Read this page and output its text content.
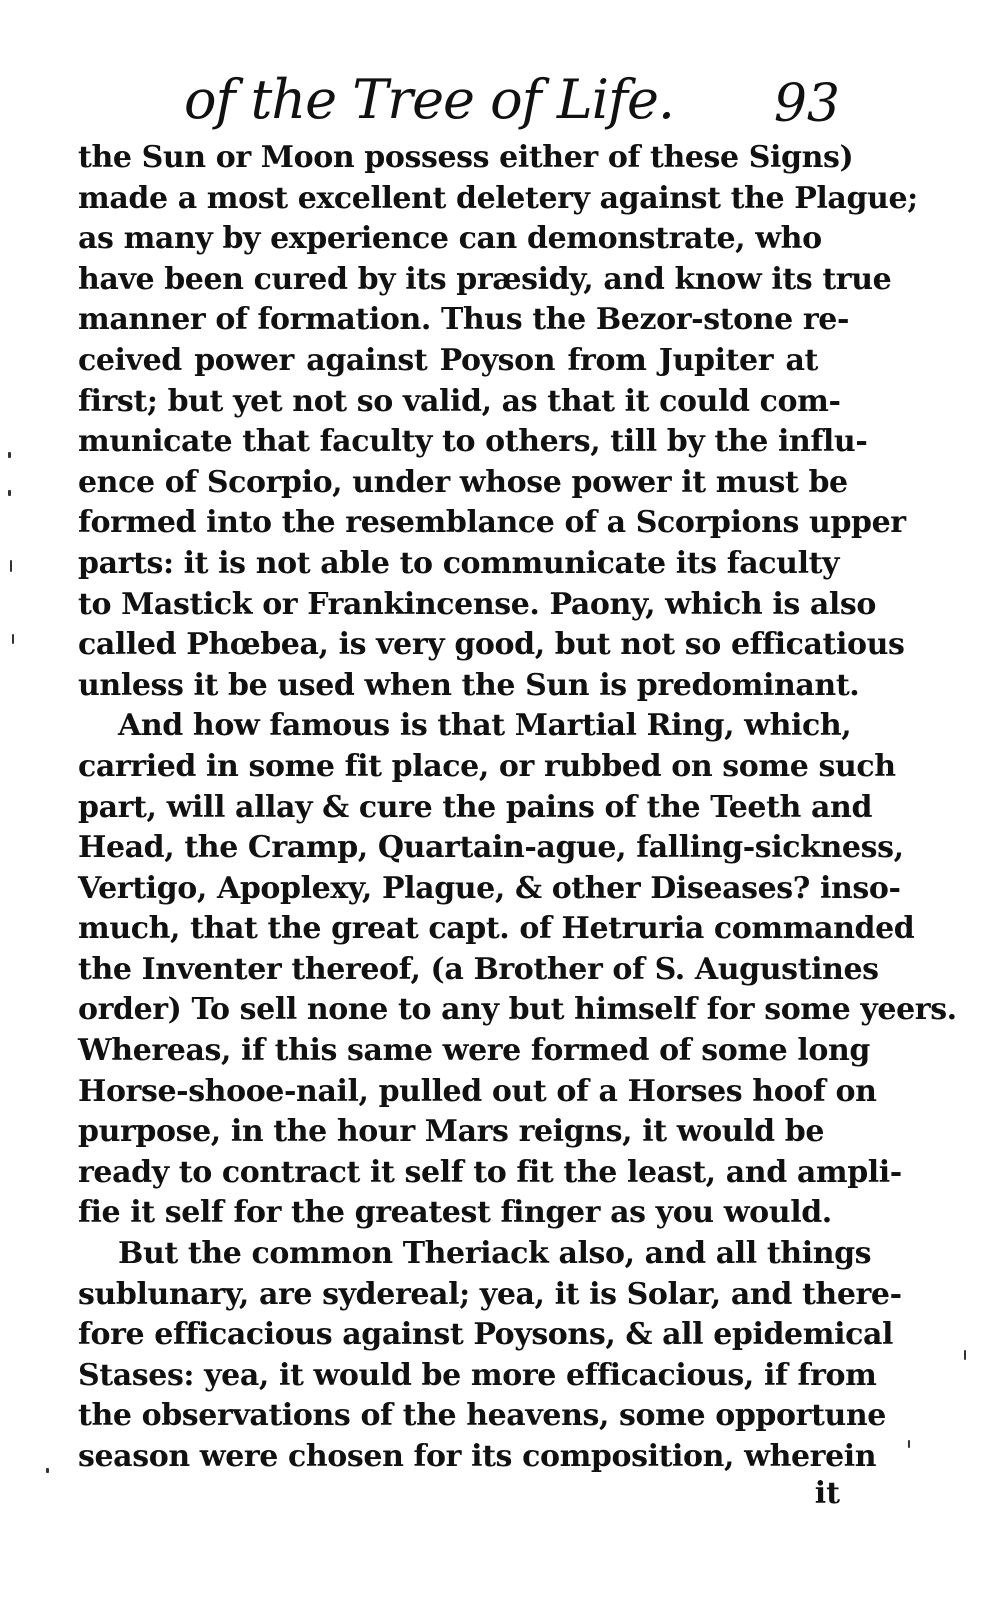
of the Tree of Life. 93
the Sun or Moon possess either of these Signs)
made a most excellent deletery against the Plague;
as many by experience can demonstrate, who
have been cured by its præsidy, and know its true
manner of formation. Thus the Bezor-stone re-
ceived power against Poyson from Jupiter at
first; but yet not so valid, as that it could com-
municate that faculty to others, till by the influ-
ence of Scorpio, under whose power it must be
formed into the resemblance of a Scorpions upper
parts: it is not able to communicate its faculty
to Mastick or Frankincense. Paony, which is also
called Phœbea, is very good, but not so efficatious
unless it be used when the Sun is predominant.
And how famous is that Martial Ring, which,
carried in some fit place, or rubbed on some such
part, will allay & cure the pains of the Teeth and
Head, the Cramp, Quartain-ague, falling-sickness,
Vertigo, Apoplexy, Plague, & other Diseases? inso-
much, that the great capt. of Hetruria commanded
the Inventer thereof, (a Brother of S. Augustines
order) To sell none to any but himself for some yeers.
Whereas, if this same were formed of some long
Horse-shooe-nail, pulled out of a Horses hoof on
purpose, in the hour Mars reigns, it would be
ready to contract it self to fit the least, and ampli-
fie it self for the greatest finger as you would.
But the common Theriack also, and all things
sublunary, are sydereal; yea, it is Solar, and there-
fore efficacious against Poysons, & all epidemical
Stases: yea, it would be more efficacious, if from
the observations of the heavens, some opportune
season were chosen for its composition, wherein
it
